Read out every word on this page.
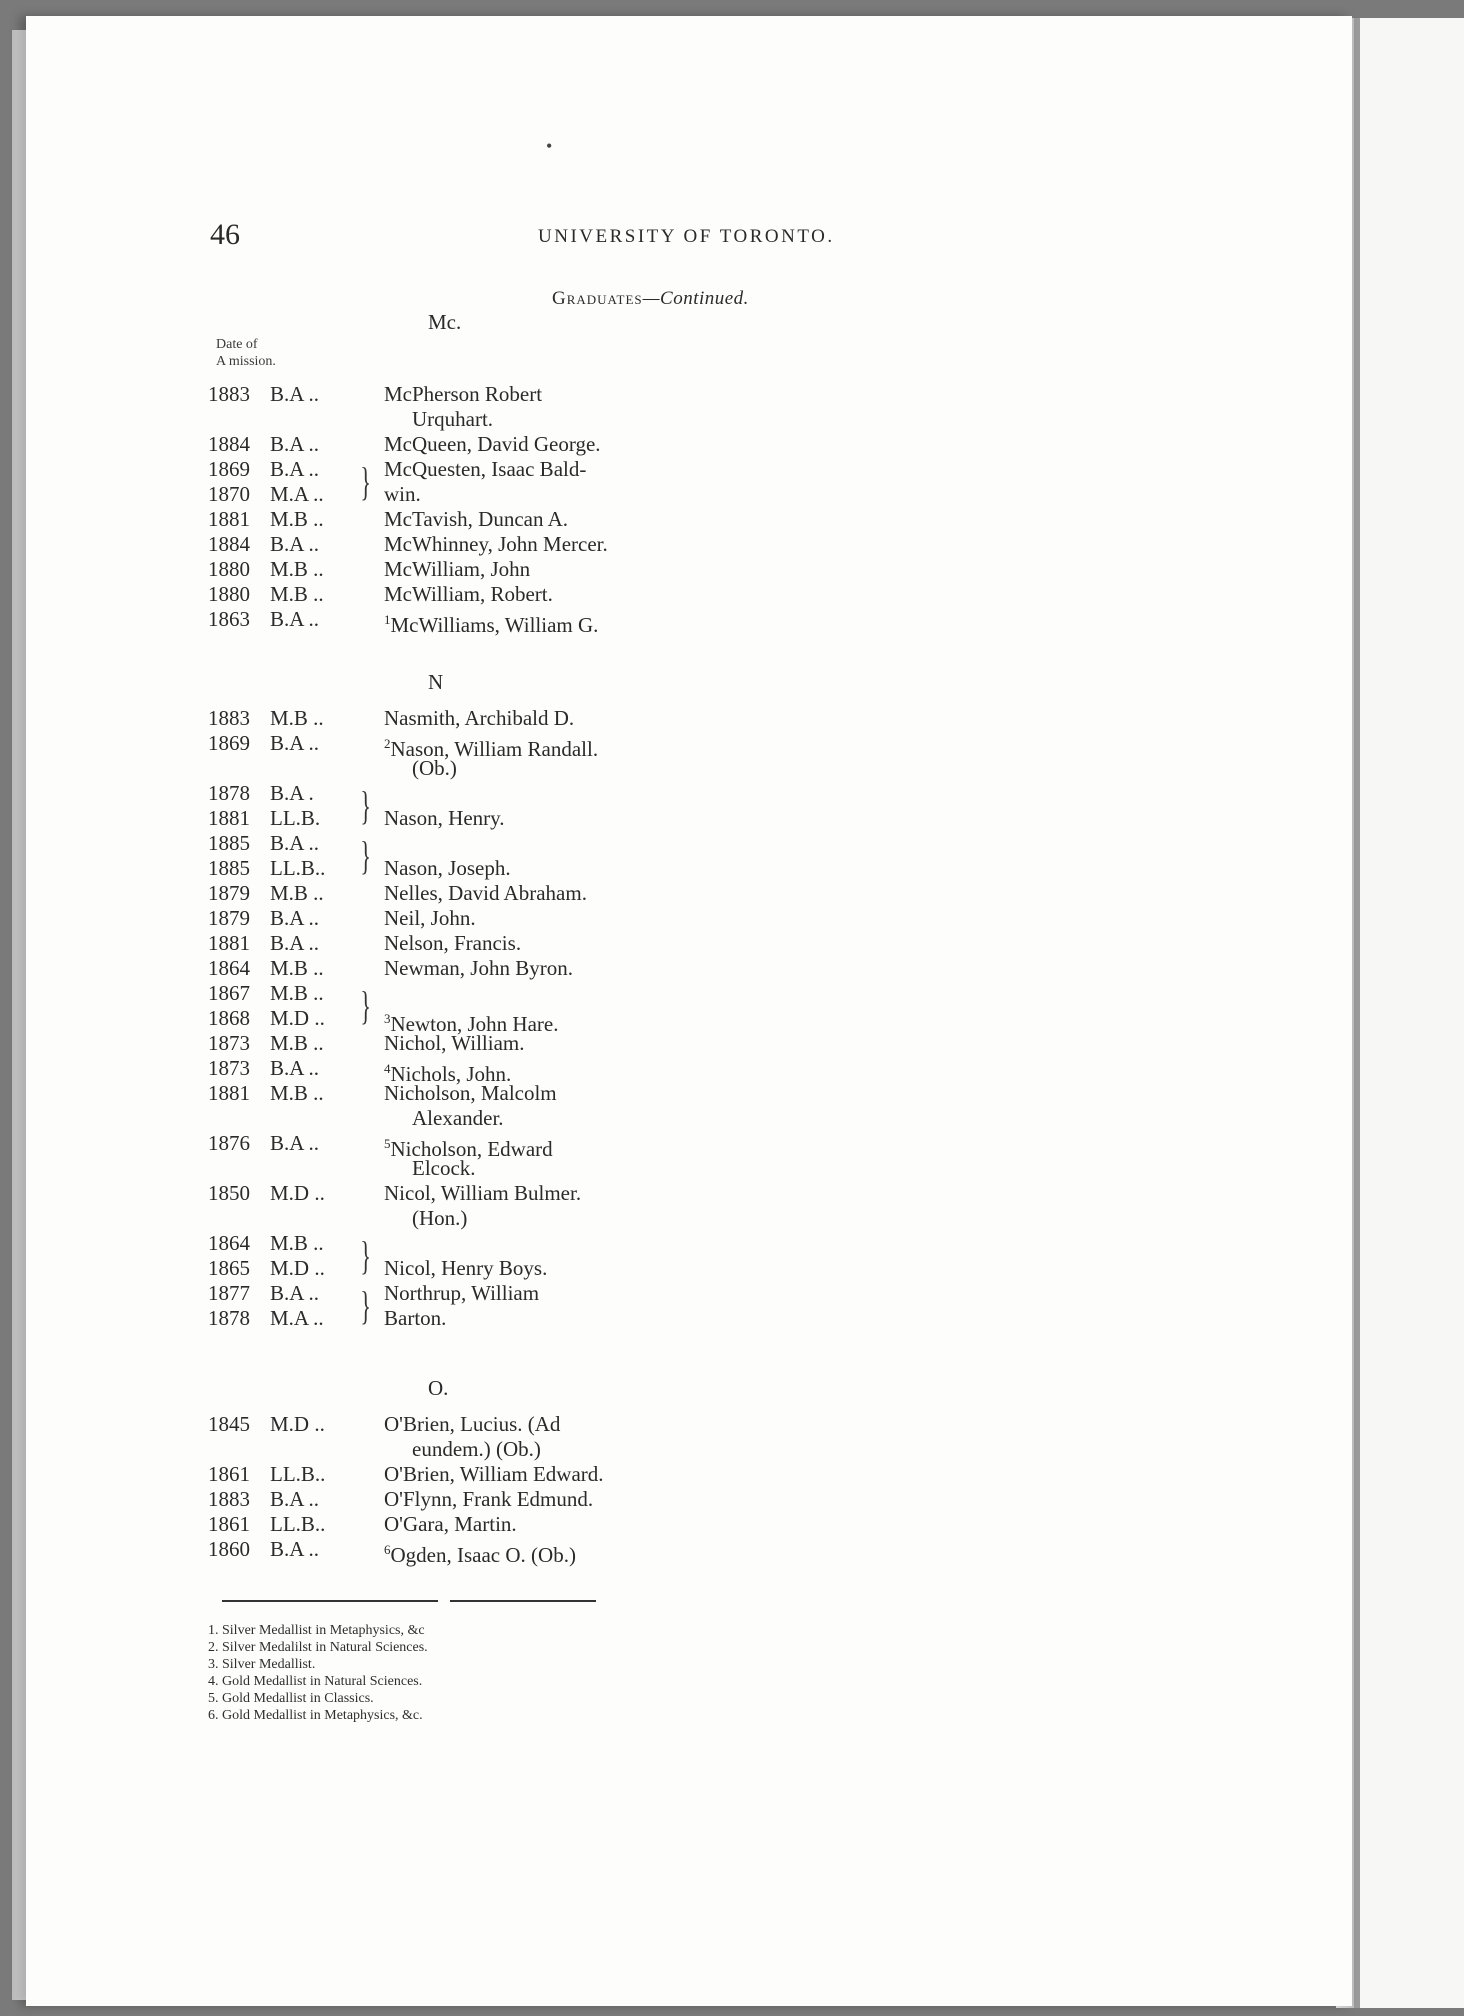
•
46	UNIVERSITY OF TORONTO.
Graduates—Continued.
Mc.
Date of
A mission.
1883 B.A ..	McPherson Robert
Urquhart.
1884 B.A ..	McQueen, David George.
1869 B.A ..	McQuesten, Isaac Bald-
1870 M.A ..	win.
1881 M.B ..	McTavish, Duncan A.
1884 B.A ..	McWhinney, John Mercer.
1880 M.B ..	McWilliam, John
1880 M.B ..	McWilliam, Robert.
1863 B.A ..	$^1$McWilliams, William G.
}
N
1883 M.B ..	Nasmith, Archibald D.
1869 B.A ..	$^2$Nason, William Randall.
(Ob.)
1878 B.A .
1881 LL.B.	Nason, Henry.
1885 B.A ..
1885 LL.B..	Nason, Joseph.
1879 M.B ..	Nelles, David Abraham.
1879 B.A ..	Neil, John.
1881 B.A ..	Nelson, Francis.
1864 M.B ..	Newman, John Byron.
1867 M.B ..
1868 M.D ..	$^3$Newton, John Hare.
1873 M.B ..	Nichol, William.
1873 B.A ..	$^4$Nichols, John.
1881 M.B ..	Nicholson, Malcolm
Alexander.
1876 B.A ..	$^5$Nicholson, Edward
Elcock.
1850 M.D ..	Nicol, William Bulmer.
(Hon.)
1864 M.B ..
1865 M.D ..	Nicol, Henry Boys.
1877 B.A ..	Northrup, William
1878 M.A ..	Barton.
}
}
}
}
}
O.
1845 M.D ..	O'Brien, Lucius. (Ad
eundem.) (Ob.)
1861 LL.B..	O'Brien, William Edward.
1883 B.A ..	O'Flynn, Frank Edmund.
1861 LL.B..	O'Gara, Martin.
1860 B.A ..	$^6$Ogden, Isaac O. (Ob.)
1. Silver Medallist in Metaphysics, &c
2. Silver Medalilst in Natural Sciences.
3. Silver Medallist.
4. Gold Medallist in Natural Sciences.
5. Gold Medallist in Classics.
6. Gold Medallist in Metaphysics, &c.
